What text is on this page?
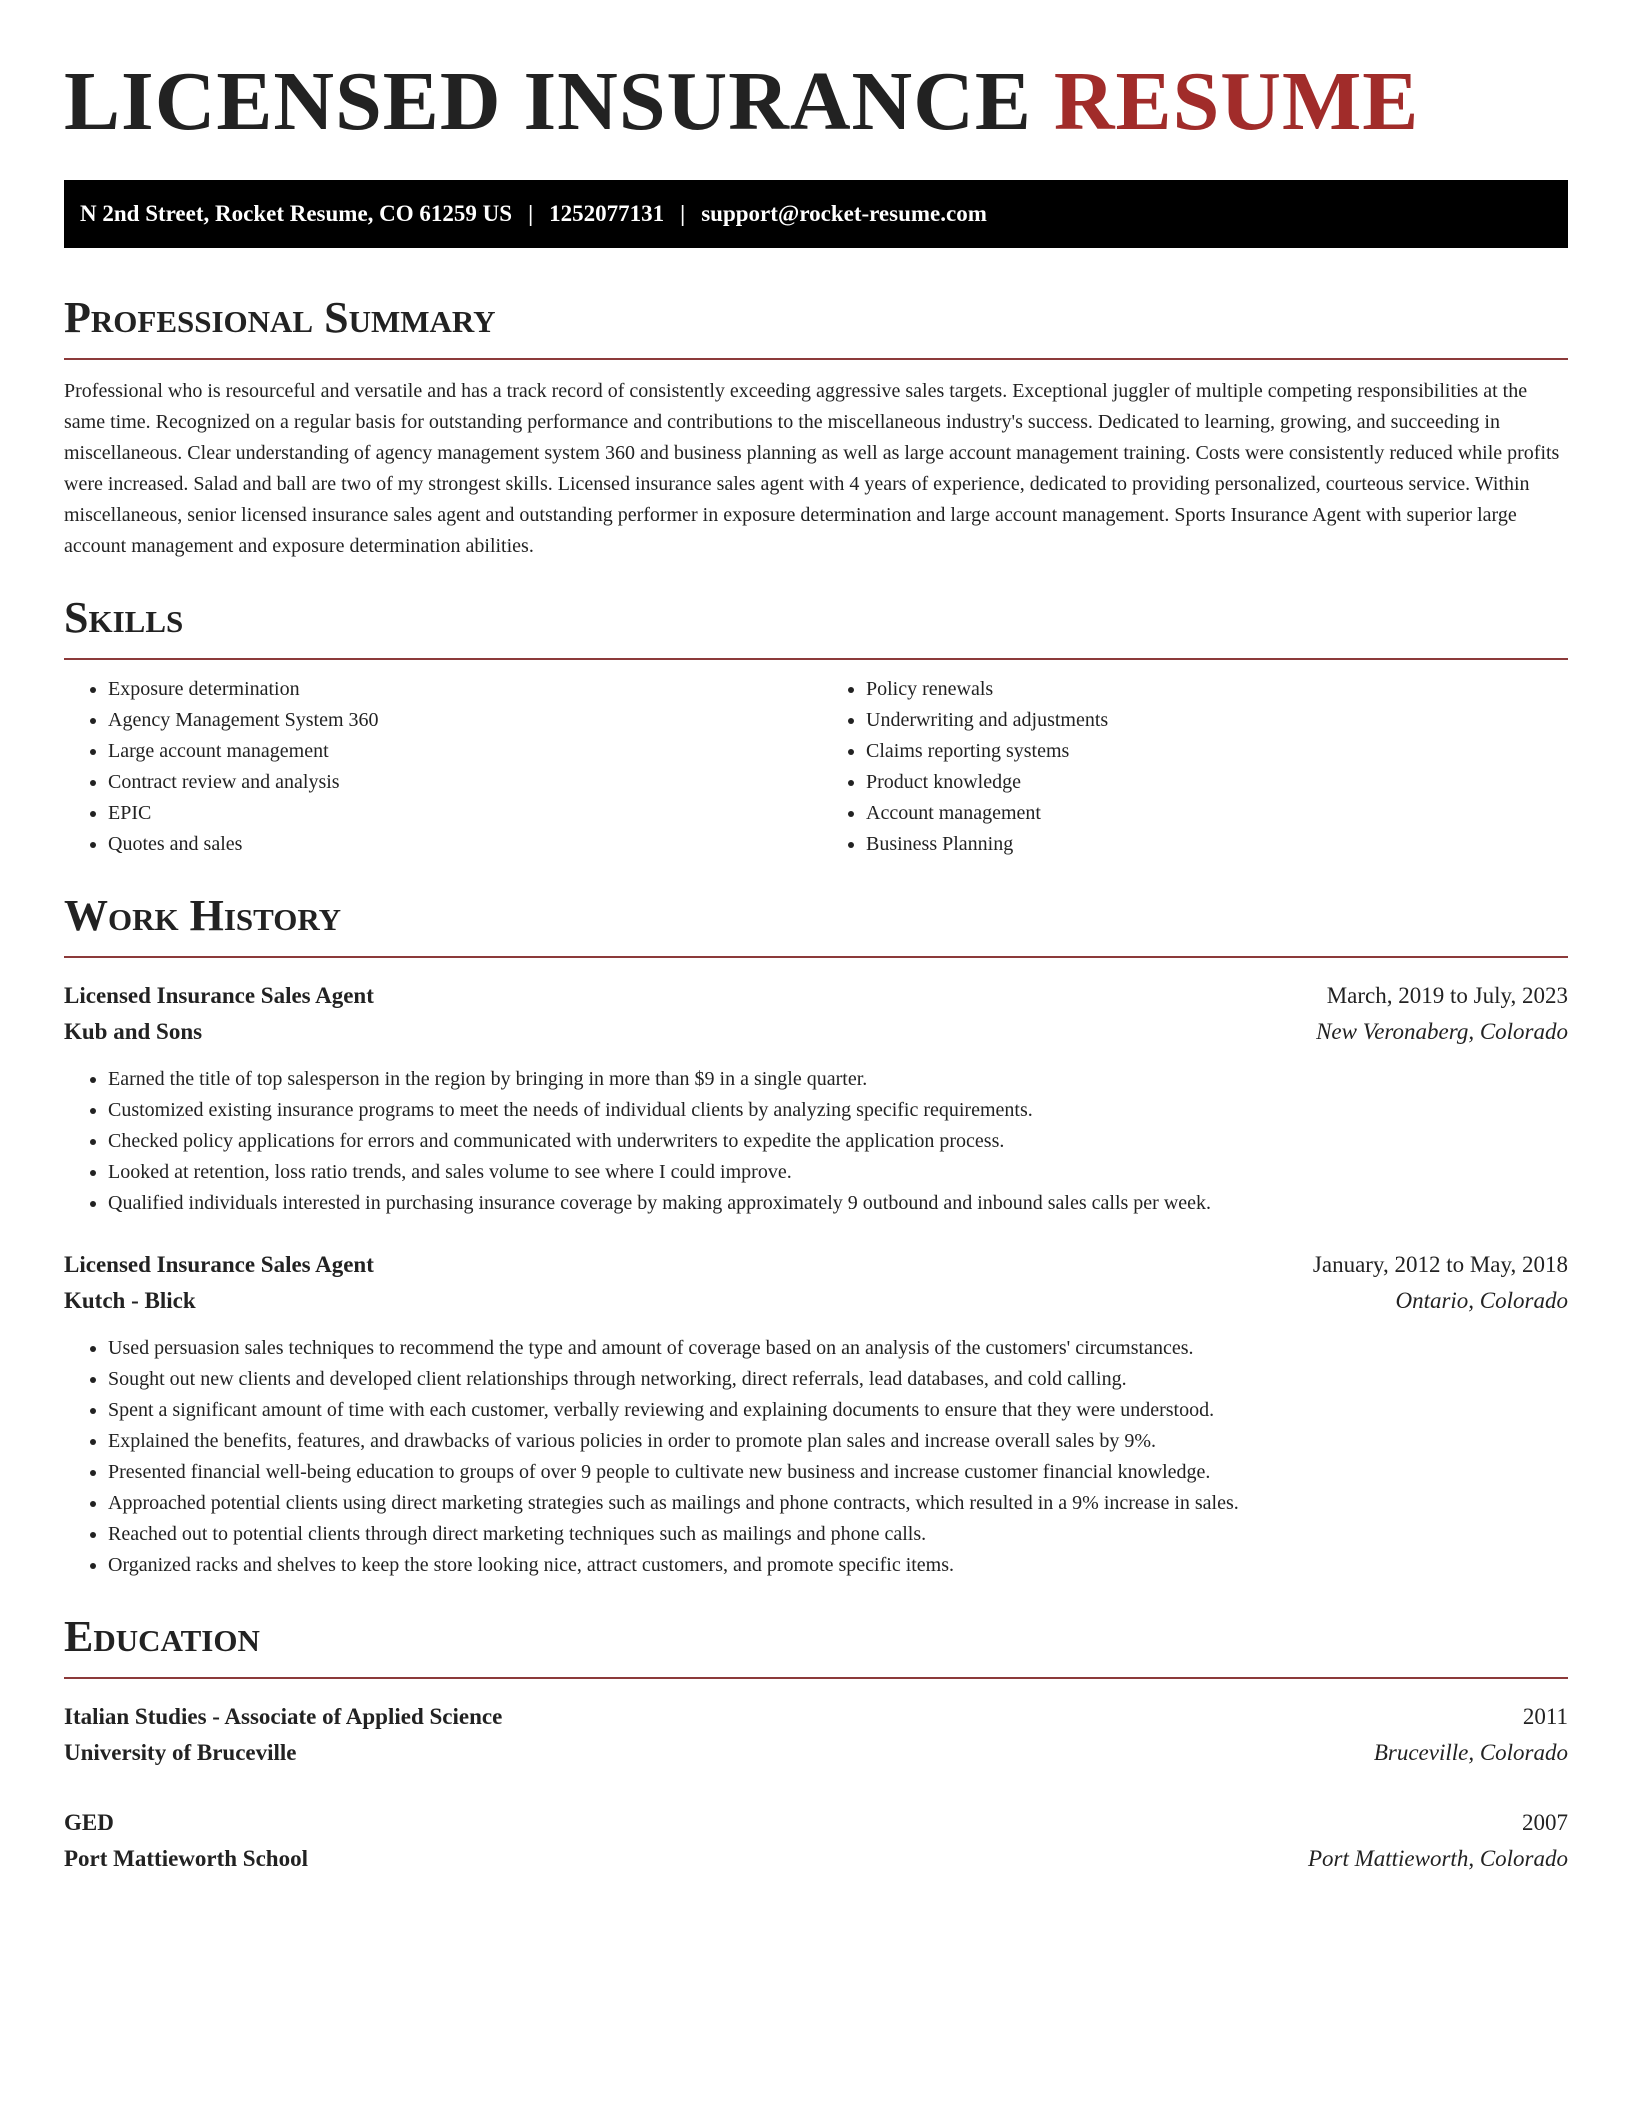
LICENSED INSURANCE RESUME
N 2nd Street, Rocket Resume, CO 61259 US | 1252077131 | support@rocket-resume.com
Professional Summary

Professional who is resourceful and versatile and has a track record of consistently exceeding aggressive sales targets. Exceptional juggler of multiple competing responsibilities at the same time. Recognized on a regular basis for outstanding performance and contributions to the miscellaneous industry's success. Dedicated to learning, growing, and succeeding in miscellaneous. Clear understanding of agency management system 360 and business planning as well as large account management training. Costs were consistently reduced while profits were increased. Salad and ball are two of my strongest skills. Licensed insurance sales agent with 4 years of experience, dedicated to providing personalized, courteous service. Within miscellaneous, senior licensed insurance sales agent and outstanding performer in exposure determination and large account management. Sports Insurance Agent with superior large account management and exposure determination abilities.

Skills
• Exposure determination
• Agency Management System 360
• Large account management
• Contract review and analysis
• EPIC
• Quotes and sales
• Policy renewals
• Underwriting and adjustments
• Claims reporting systems
• Product knowledge
• Account management
• Business Planning
Work History
Licensed Insurance Sales Agent	March, 2019 to July, 2023
Kub and Sons	New Veronaberg, Colorado
• Earned the title of top salesperson in the region by bringing in more than $9 in a single quarter.
• Customized existing insurance programs to meet the needs of individual clients by analyzing specific requirements.
• Checked policy applications for errors and communicated with underwriters to expedite the application process.
• Looked at retention, loss ratio trends, and sales volume to see where I could improve.
• Qualified individuals interested in purchasing insurance coverage by making approximately 9 outbound and inbound sales calls per week.
Licensed Insurance Sales Agent	January, 2012 to May, 2018
Kutch - Blick	Ontario, Colorado
• Used persuasion sales techniques to recommend the type and amount of coverage based on an analysis of the customers' circumstances.
• Sought out new clients and developed client relationships through networking, direct referrals, lead databases, and cold calling.
• Spent a significant amount of time with each customer, verbally reviewing and explaining documents to ensure that they were understood.
• Explained the benefits, features, and drawbacks of various policies in order to promote plan sales and increase overall sales by 9%.
• Presented financial well-being education to groups of over 9 people to cultivate new business and increase customer financial knowledge.
• Approached potential clients using direct marketing strategies such as mailings and phone contracts, which resulted in a 9% increase in sales.
• Reached out to potential clients through direct marketing techniques such as mailings and phone calls.
• Organized racks and shelves to keep the store looking nice, attract customers, and promote specific items.
Education
Italian Studies - Associate of Applied Science	2011
University of Bruceville	Bruceville, Colorado
GED	2007
Port Mattieworth School	Port Mattieworth, Colorado
